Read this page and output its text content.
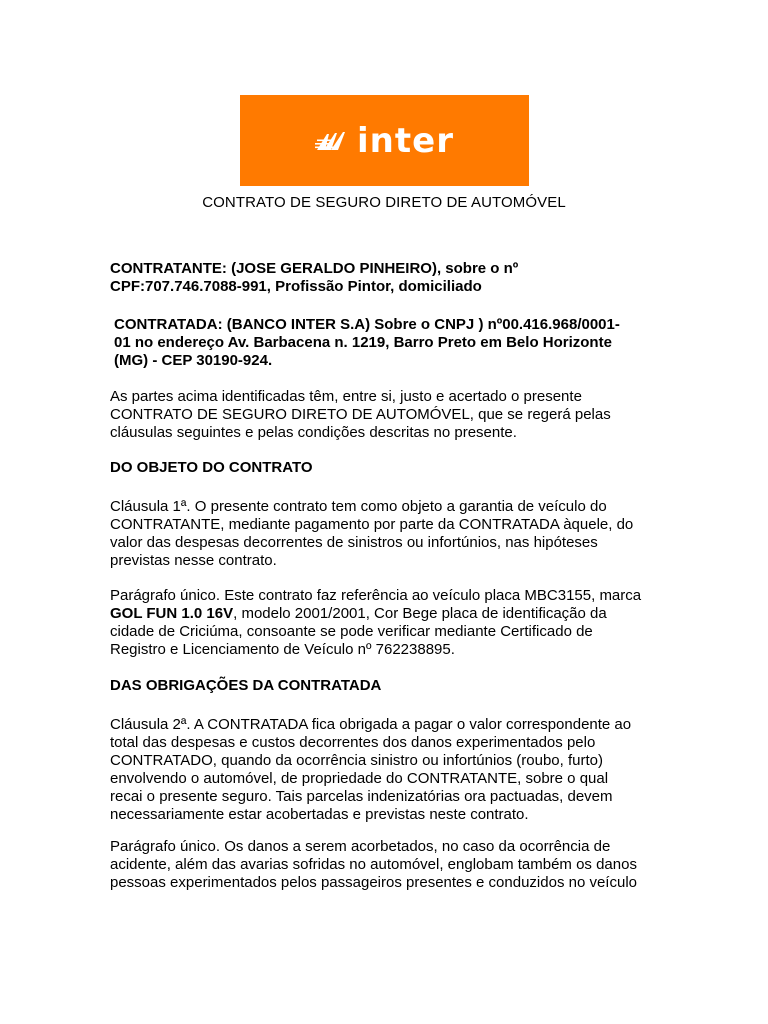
inter
CONTRATO DE SEGURO DIRETO DE AUTOMÓVEL

CONTRATANTE: (JOSE GERALDO PINHEIRO), sobre o nº
CPF:707.746.7088-991, Profissão Pintor, domiciliado

CONTRATADA: (BANCO INTER S.A) Sobre o CNPJ ) nº00.416.968/0001-
01 no endereço Av. Barbacena n. 1219, Barro Preto em Belo Horizonte
(MG) - CEP 30190-924.

As partes acima identificadas têm, entre si, justo e acertado o presente
CONTRATO DE SEGURO DIRETO DE AUTOMÓVEL, que se regerá pelas
cláusulas seguintes e pelas condições descritas no presente.

DO OBJETO DO CONTRATO

Cláusula 1ª. O presente contrato tem como objeto a garantia de veículo do
CONTRATANTE, mediante pagamento por parte da CONTRATADA àquele, do
valor das despesas decorrentes de sinistros ou infortúnios, nas hipóteses
previstas nesse contrato.

Parágrafo único. Este contrato faz referência ao veículo placa MBC3155, marca
GOL FUN 1.0 16V, modelo 2001/2001, Cor Bege placa de identificação da
cidade de Criciúma, consoante se pode verificar mediante Certificado de
Registro e Licenciamento de Veículo nº 762238895.

DAS OBRIGAÇÕES DA CONTRATADA

Cláusula 2ª. A CONTRATADA fica obrigada a pagar o valor correspondente ao
total das despesas e custos decorrentes dos danos experimentados pelo
CONTRATADO, quando da ocorrência sinistro ou infortúnios (roubo, furto)
envolvendo o automóvel, de propriedade do CONTRATANTE, sobre o qual
recai o presente seguro. Tais parcelas indenizatórias ora pactuadas, devem
necessariamente estar acobertadas e previstas neste contrato.

Parágrafo único. Os danos a serem acorbetados, no caso da ocorrência de
acidente, além das avarias sofridas no automóvel, englobam também os danos
pessoas experimentados pelos passageiros presentes e conduzidos no veículo
